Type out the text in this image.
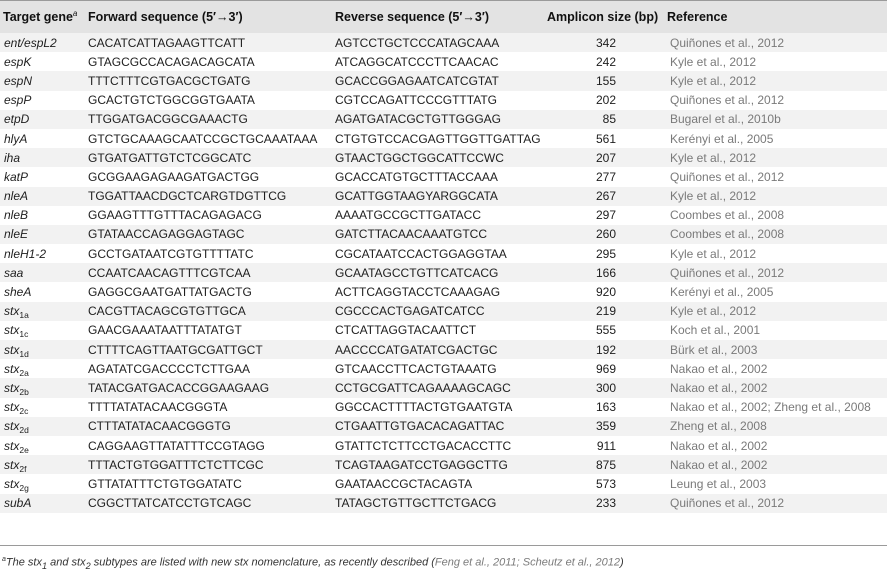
Target gene$^a$	Forward sequence (5′→3′)	Reverse sequence (5′→3′)	Amplicon size (bp)	Reference
ent/espL2	CACATCATTAGAAGTTCATT	AGTCCTGCTCCCATAGCAAA	342	Quiñones et al., 2012
espK	GTAGCGCCACAGACAGCATA	ATCAGGCATCCCTTCAACAC	242	Kyle et al., 2012
espN	TTTCTTTCGTGACGCTGATG	GCACCGGAGAATCATCGTAT	155	Kyle et al., 2012
espP	GCACTGTCTGGCGGTGAATA	CGTCCAGATTCCCGTTTATG	202	Quiñones et al., 2012
etpD	TTGGATGACGGCGAAACTG	AGATGATACGCTGTTGGGAG	85	Bugarel et al., 2010b
hlyA	GTCTGCAAAGCAATCCGCTGCAAATAAA	CTGTGTCCACGAGTTGGTTGATTAG	561	Kerényi et al., 2005
iha	GTGATGATTGTCTCGGCATC	GTAACTGGCTGGCATTCCWC	207	Kyle et al., 2012
katP	GCGGAAGAGAAGATGACTGG	GCACCATGTGCTTTACCAAA	277	Quiñones et al., 2012
nleA	TGGATTAACDGCTCARGTDGTTCG	GCATTGGTAAGYARGGCATA	267	Kyle et al., 2012
nleB	GGAAGTTTGTTTACAGAGACG	AAAATGCCGCTTGATACC	297	Coombes et al., 2008
nleE	GTATAACCAGAGGAGTAGC	GATCTTACAACAAATGTCC	260	Coombes et al., 2008
nleH1-2	GCCTGATAATCGTGTTTTATC	CGCATAATCCACTGGAGGTAA	295	Kyle et al., 2012
saa	CCAATCAACAGTTTCGTCAA	GCAATAGCCTGTTCATCACG	166	Quiñones et al., 2012
sheA	GAGGCGAATGATTATGACTG	ACTTCAGGTACCTCAAAGAG	920	Kerényi et al., 2005
stx$_{1a}$	CACGTTACAGCGTGTTGCA	CGCCCACTGAGATCATCC	219	Kyle et al., 2012
stx$_{1c}$	GAACGAAATAATTTATATGT	CTCATTAGGTACAATTCT	555	Koch et al., 2001
stx$_{1d}$	CTTTTCAGTTAATGCGATTGCT	AACCCCATGATATCGACTGC	192	Bürk et al., 2003
stx$_{2a}$	AGATATCGACCCCTCTTGAA	GTCAACCTTCACTGTAAATG	969	Nakao et al., 2002
stx$_{2b}$	TATACGATGACACCGGAAGAAG	CCTGCGATTCAGAAAAGCAGC	300	Nakao et al., 2002
stx$_{2c}$	TTTTATATACAACGGGTA	GGCCACTTTTACTGTGAATGTA	163	Nakao et al., 2002; Zheng et al., 2008
stx$_{2d}$	CTTTATATACAACGGGTG	CTGAATTGTGACACAGATTAC	359	Zheng et al., 2008
stx$_{2e}$	CAGGAAGTTATATTTCCGTAGG	GTATTCTCTTCCTGACACCTTC	911	Nakao et al., 2002
stx$_{2f}$	TTTACTGTGGATTTCTCTTCGC	TCAGTAAGATCCTGAGGCTTG	875	Nakao et al., 2002
stx$_{2g}$	GTTATATTTCTGTGGATATC	GAATAACCGCTACAGTA	573	Leung et al., 2003
subA	CGGCTTATCATCCTGTCAGC	TATAGCTGTTGCTTCTGACG	233	Quiñones et al., 2012
$^a$The stx$_1$ and stx$_2$ subtypes are listed with new stx nomenclature, as recently described (Feng et al., 2011; Scheutz et al., 2012)
